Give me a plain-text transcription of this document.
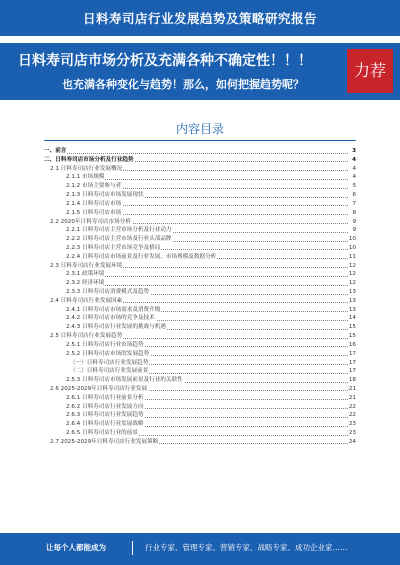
日料寿司店行业发展趋势及策略研究报告
日料寿司店市场分析及充满各种不确定性！！！
也充满各种变化与趋势！那么，如何把握趋势呢？
力荐
内容目录
一、前言	3
二、日料寿司店市场分析及行业趋势	4
2.1 日料寿司店行业发展概况	4
2.1.1 市场规模	4
2.1.2 市场主要参与者	5
2.1.3 日料寿司店市场发展现状	6
2.1.4 日料寿司店市场	7
2.1.5 日料寿司店市场	8
2.2 2020年日料寿司店市场分析	9
2.2.1 日料寿司店主营市场分析及行业动力	9
2.2.2 日料寿司店主营市场及行业头部品牌	10
2.2.3 日料寿司店主营市场竞争及格局	10
2.2.4 日料寿司店市场前景及行业发展，市场规模及数据分析	11
2.3 日料寿司店行业发展环境	12
2.3.1 政策环境	12
2.3.2 经济环境	12
2.3.3 日料寿司店消费模式及趋势	13
2.4 日料寿司店行业发展因素	13
2.4.1 日料寿司店市场需求及消费升级	13
2.4.2 日料寿司店市场的竞争及技术	14
2.4.3 日料寿司店行业发展的挑战与机遇	15
2.5 日料寿司店行业发展趋势	15
2.5.1 日料寿司店行业市场趋势	16
2.5.2 日料寿司店市场的发展趋势	17
（一）日料寿司店行业发展趋势	17
（二）日料寿司店行业发展前景	17
2.5.3 日料寿司店市场发展前景及行业的关联性	18
2.6 2025-2029年日料寿司店行业发展	21
2.6.1 日料寿司店行业前景分析	21
2.6.2 日料寿司店行业发展方向	22
2.6.3 日料寿司店行业发展趋势	22
2.6.4 日料寿司店行业发展战略	23
2.6.5 日料寿司店行业的前景	23
2.7 2025-2029年日料寿司店行业发展策略	24
让每个人都能成为	行业专家、管理专家、营销专家、战略专家、成功企业家……
